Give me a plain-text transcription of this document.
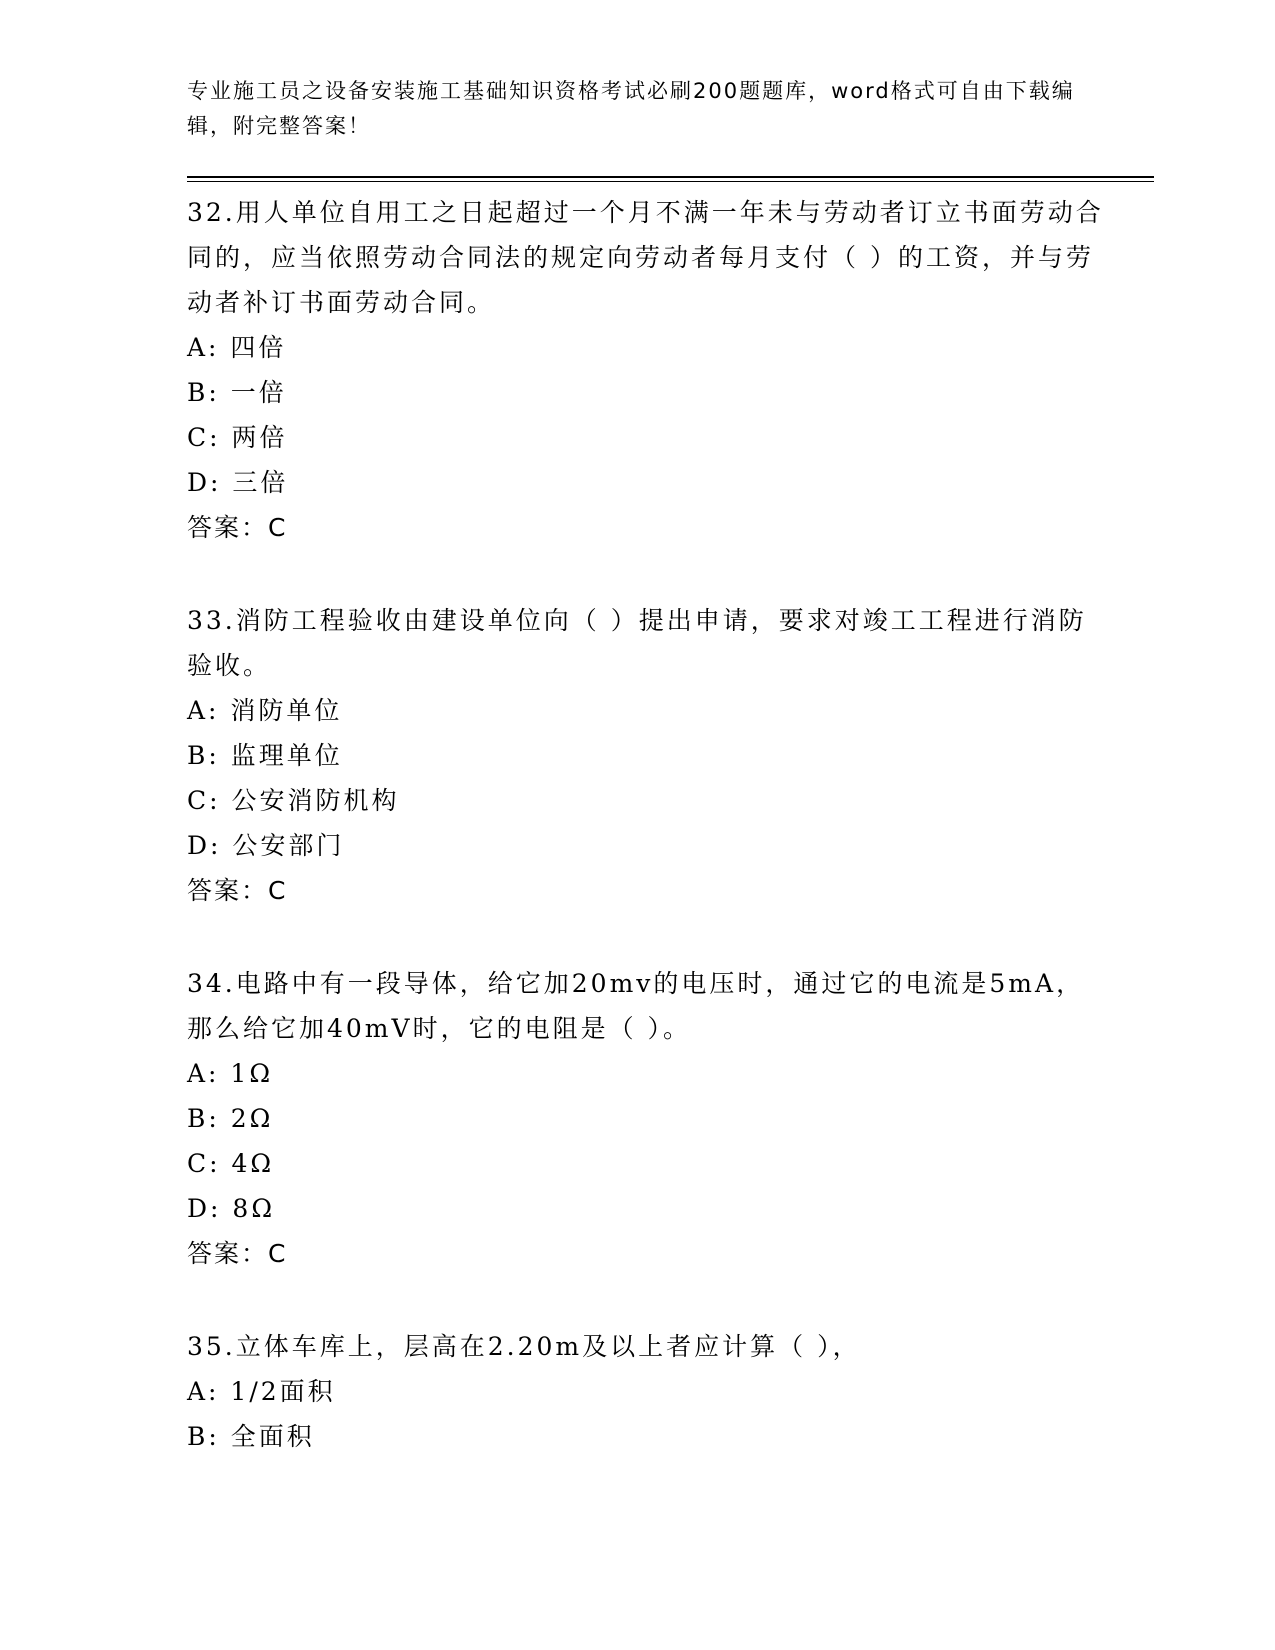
专业施工员之设备安装施工基础知识资格考试必刷200题题库，word格式可自由下载编辑，附完整答案！
32.用人单位自用工之日起超过一个月不满一年未与劳动者订立书面劳动合同的，应当依照劳动合同法的规定向劳动者每月支付（ ）的工资，并与劳动者补订书面劳动合同。
A: 四倍
B: 一倍
C: 两倍
D: 三倍
答案：C
33.消防工程验收由建设单位向（ ）提出申请，要求对竣工工程进行消防验收。
A: 消防单位
B: 监理单位
C: 公安消防机构
D: 公安部门
答案：C
34.电路中有一段导体，给它加20mv的电压时，通过它的电流是5mA，那么给它加40mV时，它的电阻是（ ）。
A: 1Ω
B: 2Ω
C: 4Ω
D: 8Ω
答案：C
35.立体车库上，层高在2.20m及以上者应计算（ ），
A: 1/2面积
B: 全面积
